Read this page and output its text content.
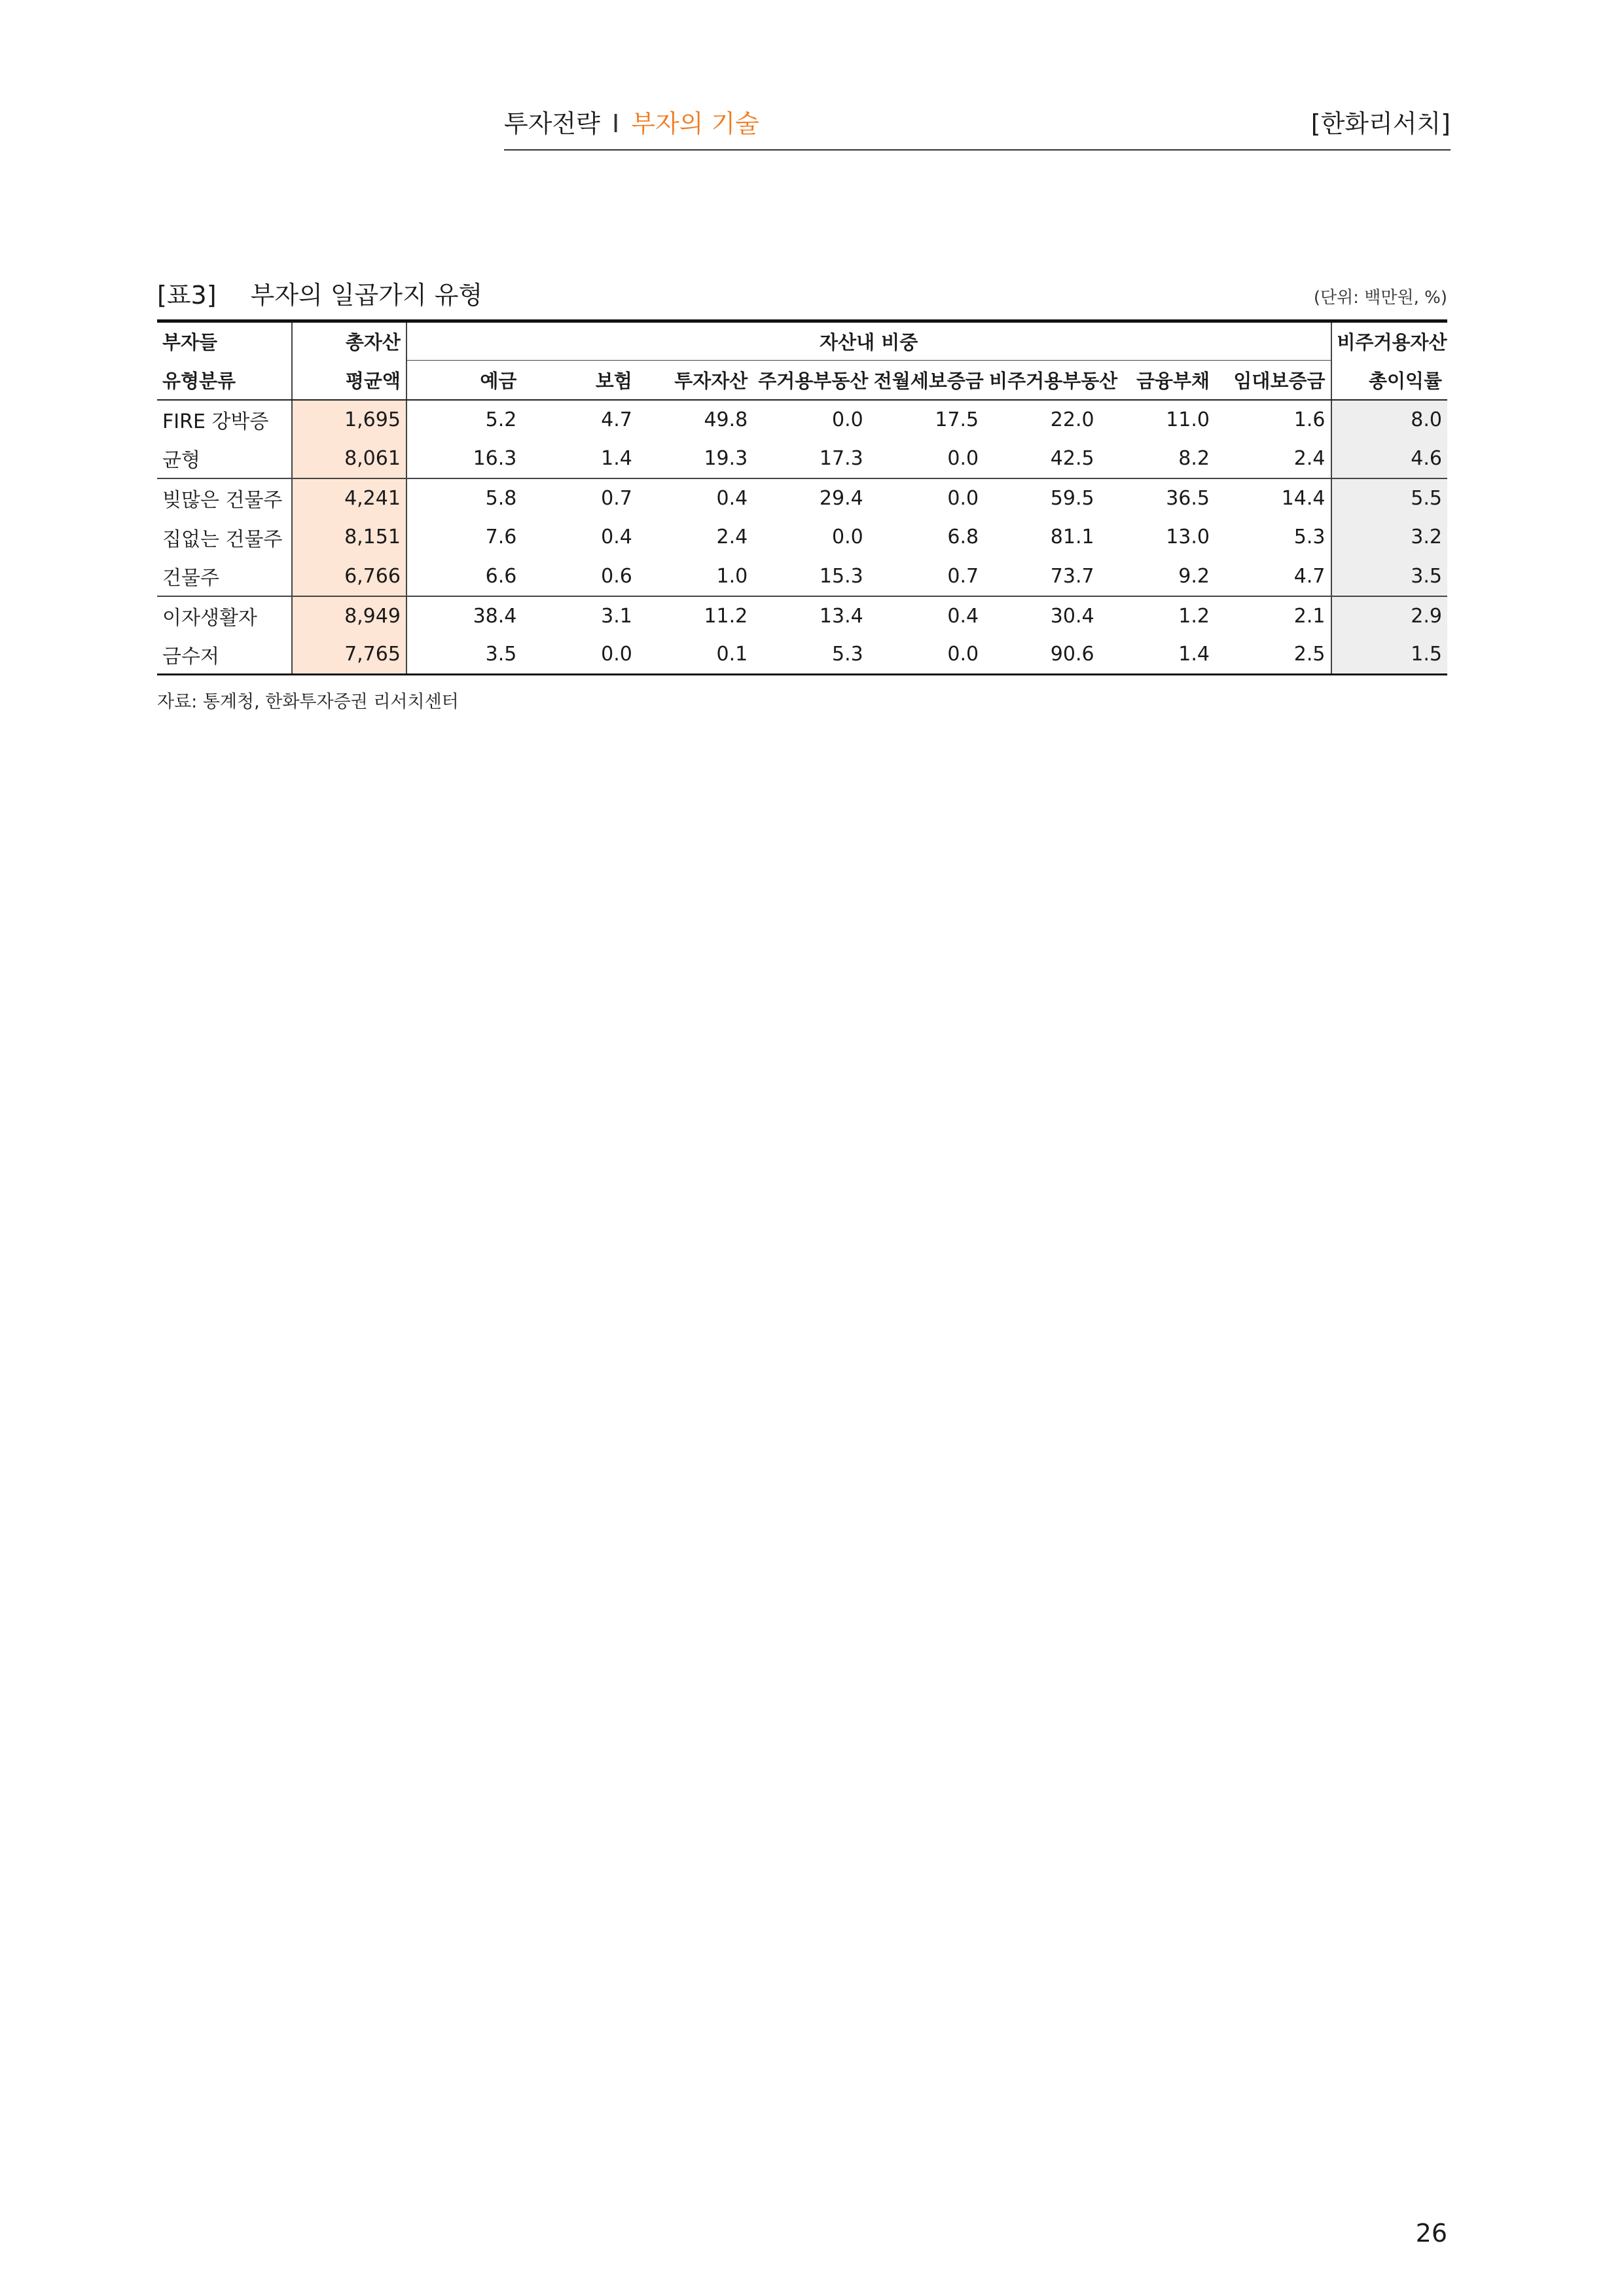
투자전략 I 부자의 기술	[한화리서치]
[표3] 부자의 일곱가지 유형	(단위: 백만원, %)
부자들	총자산	자산내 비중								비주거용자산
유형분류	평균액	예금	보험	투자자산	주거용부동산	전월세보증금	비주거용부동산	금융부채	임대보증금	총이익률
FIRE 강박증	1,695	5.2	4.7	49.8	0.0	17.5	22.0	11.0	1.6	8.0
균형	8,061	16.3	1.4	19.3	17.3	0.0	42.5	8.2	2.4	4.6
빚많은 건물주	4,241	5.8	0.7	0.4	29.4	0.0	59.5	36.5	14.4	5.5
집없는 건물주	8,151	7.6	0.4	2.4	0.0	6.8	81.1	13.0	5.3	3.2
건물주	6,766	6.6	0.6	1.0	15.3	0.7	73.7	9.2	4.7	3.5
이자생활자	8,949	38.4	3.1	11.2	13.4	0.4	30.4	1.2	2.1	2.9
금수저	7,765	3.5	0.0	0.1	5.3	0.0	90.6	1.4	2.5	1.5
자료: 통계청, 한화투자증권 리서치센터
26
